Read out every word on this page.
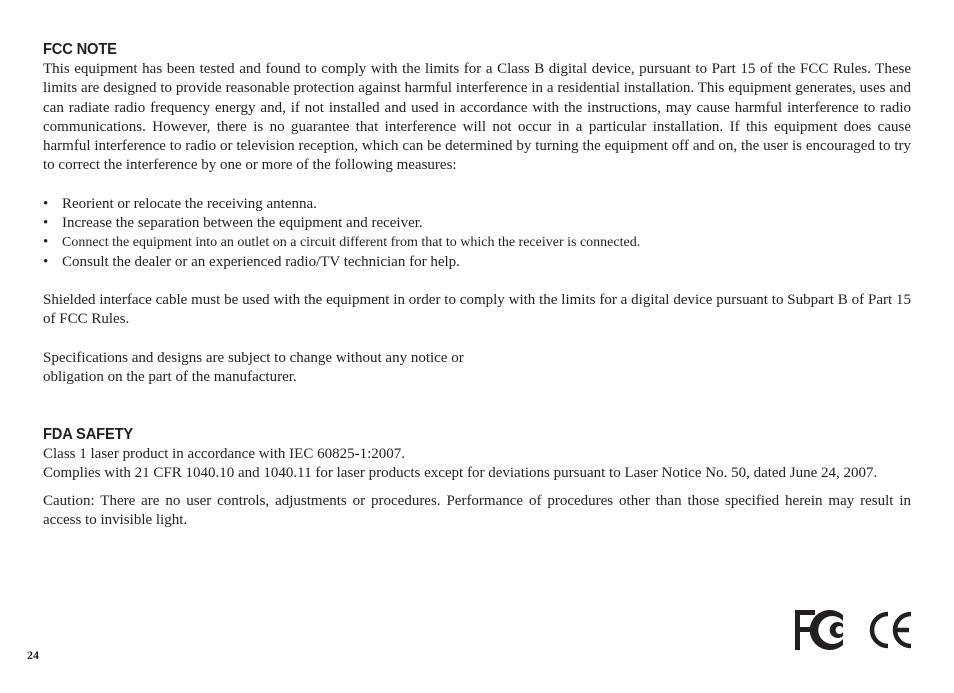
FCC NOTE

This equipment has been tested and found to comply with the limits for a Class B digital device, pursuant to Part 15 of the FCC Rules. These limits are designed to provide reasonable protection against harmful interference in a residential installation. This equipment generates, uses and can radiate radio frequency energy and, if not installed and used in accordance with the instructions, may cause harmful interference to radio communications. However, there is no guarantee that interference will not occur in a particular installation. If this equipment does cause harmful interference to radio or television reception, which can be determined by turning the equipment off and on, the user is encouraged to try to correct the interference by one or more of the following measures:

• Reorient or relocate the receiving antenna.
• Increase the separation between the equipment and receiver.
• Connect the equipment into an outlet on a circuit different from that to which the receiver is connected.
• Consult the dealer or an experienced radio/TV technician for help.

Shielded interface cable must be used with the equipment in order to comply with the limits for a digital device pursuant to Subpart B of Part 15 of FCC Rules.

Specifications and designs are subject to change without any notice or

obligation on the part of the manufacturer.

FDA SAFETY

Class 1 laser product in accordance with IEC 60825-1:2007.

Complies with 21 CFR 1040.10 and 1040.11 for laser products except for deviations pursuant to Laser Notice No. 50, dated June 24, 2007.

Caution: There are no user controls, adjustments or procedures. Performance of procedures other than those specified herein may result in access to invisible light.

24
